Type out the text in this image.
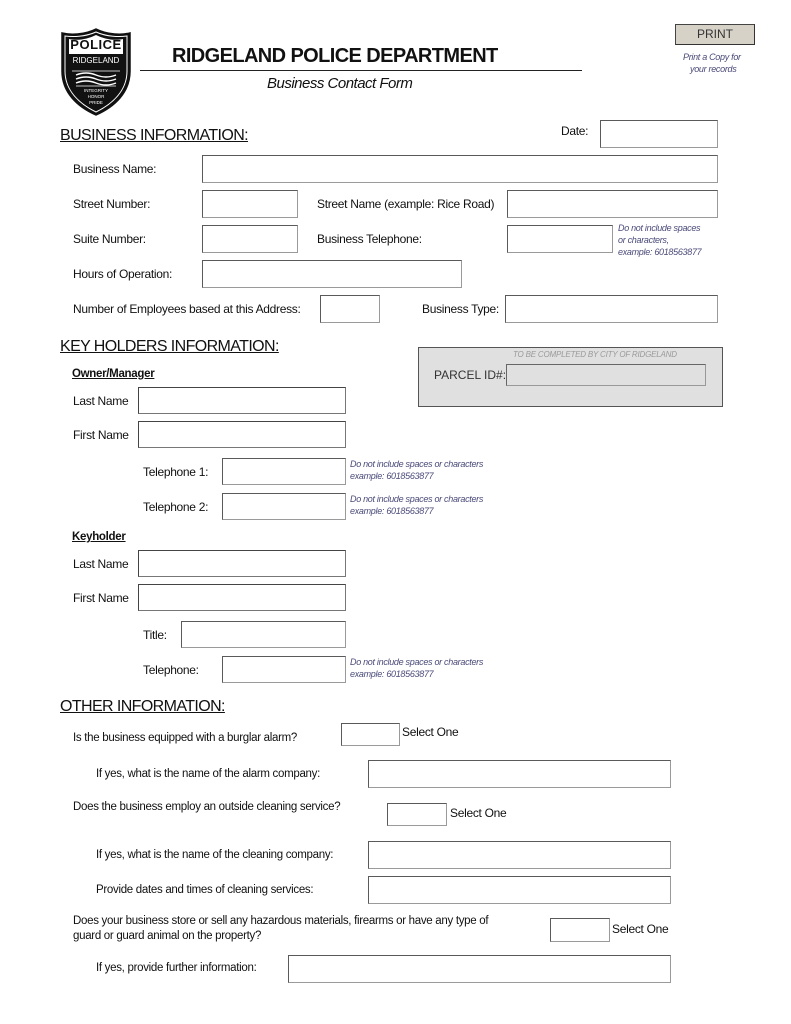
POLICE
RIDGELAND
INTEGRITY
HONOR
PRIDE
RIDGELAND POLICE DEPARTMENT
Business Contact Form
PRINT
Print a Copy for
your records
BUSINESS INFORMATION:	Date:
Business Name:
Street Number:	Street Name (example: Rice Road)
Suite Number:	Business Telephone:
Do not include spaces
or characters,
example: 6018563877
Hours of Operation:
Number of Employees based at this Address:	Business Type:
KEY HOLDERS INFORMATION:	TO BE COMPLETED BY CITY OF RIDGELAND
PARCEL ID#:
Owner/Manager
Last Name
First Name
Telephone 1:
Do not include spaces or characters
example: 6018563877
Telephone 2:
Do not include spaces or characters
example: 6018563877
Keyholder
Last Name
First Name
Title:
Telephone:
Do not include spaces or characters
example: 6018563877
OTHER INFORMATION:
Is the business equipped with a burglar alarm?	Select One
If yes, what is the name of the alarm company:
Does the business employ an outside cleaning service?	Select One
If yes, what is the name of the cleaning company:
Provide dates and times of cleaning services:
Does your business store or sell any hazardous materials, firearms or have any type of
guard or guard animal on the property?	Select One
If yes, provide further information:
